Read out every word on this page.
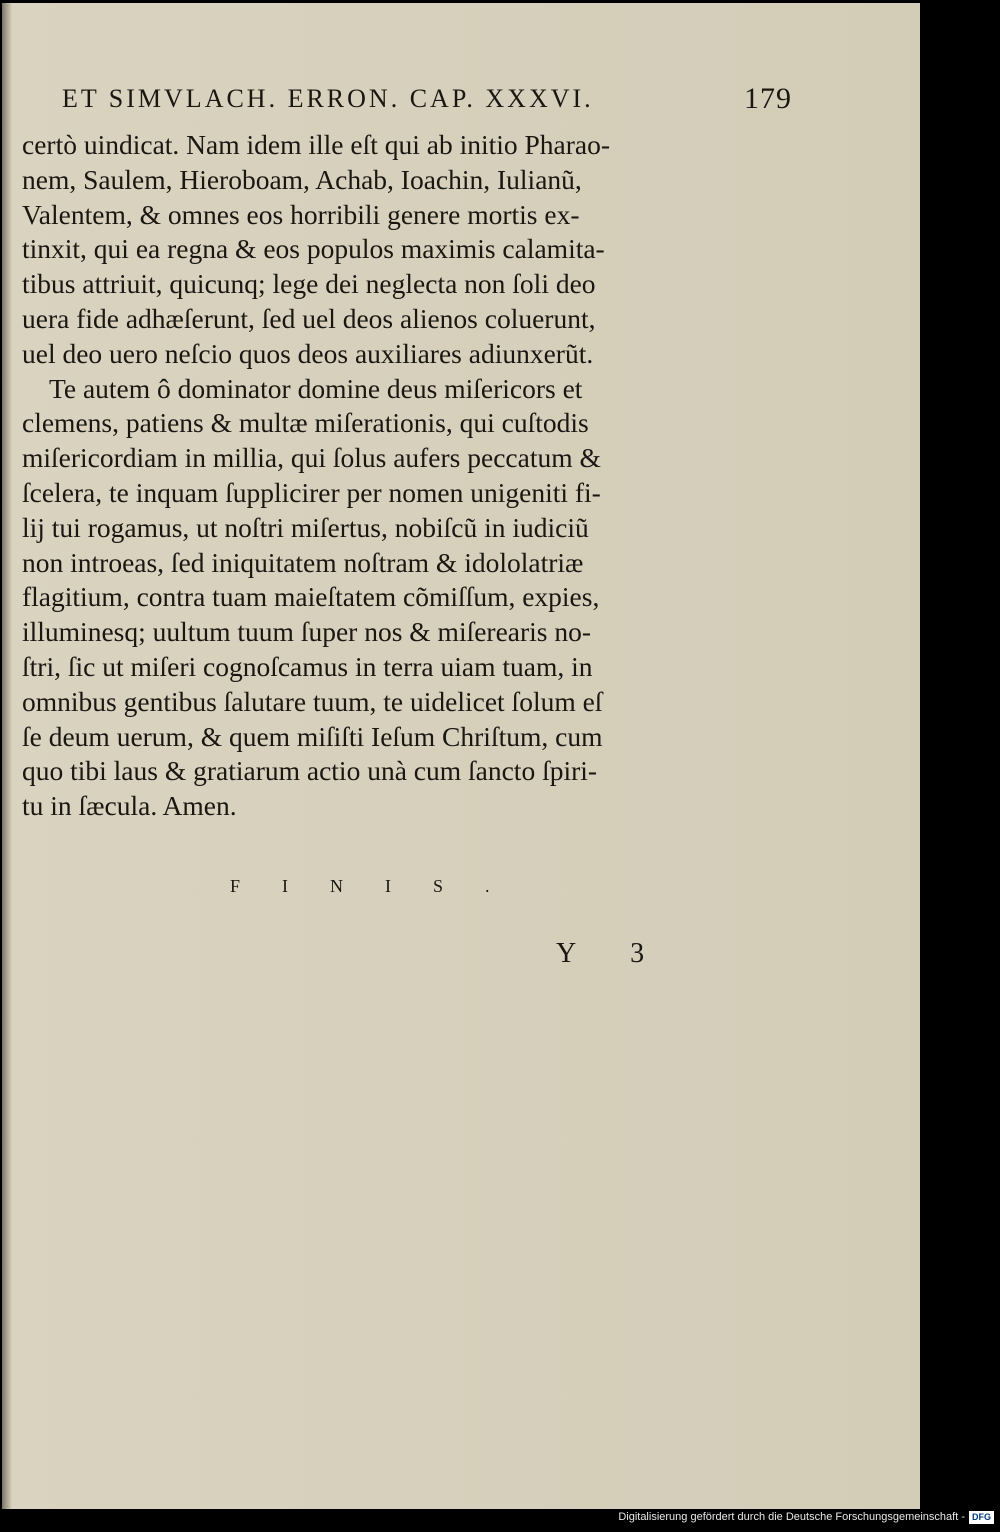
ET SIMVLACH. ERRON. CAP. XXXVI.	179
certò uindicat. Nam idem ille eſt qui ab initio Pharao-
nem, Saulem, Hieroboam, Achab, Ioachin, Iulianũ,
Valentem, & omnes eos horribili genere mortis ex-
tinxit, qui ea regna & eos populos maximis calamita-
tibus attriuit, quicunq; lege dei neglecta non ſoli deo
uera fide adhæſerunt, ſed uel deos alienos coluerunt,
uel deo uero neſcio quos deos auxiliares adiunxerũt.
Te autem ô dominator domine deus miſericors et
clemens, patiens & multæ miſerationis, qui cuſtodis
miſericordiam in millia, qui ſolus aufers peccatum &
ſcelera, te inquam ſupplicirer per nomen unigeniti fi-
lij tui rogamus, ut noſtri miſertus, nobiſcũ in iudiciũ
non introeas, ſed iniquitatem noſtram & idololatriæ
flagitium, contra tuam maieſtatem cõmiſſum, expies,
illuminesq; uultum tuum ſuper nos & miſerearis no-
ſtri, ſic ut miſeri cognoſcamus in terra uiam tuam, in
omnibus gentibus ſalutare tuum, te uidelicet ſolum eſ
ſe deum uerum, & quem miſiſti Ieſum Chriſtum, cum
quo tibi laus & gratiarum actio unà cum ſancto ſpiri-
tu in ſæcula. Amen.
FINIS.
Y 3
Digitalisierung gefördert durch die Deutsche Forschungsgemeinschaft - DFG
